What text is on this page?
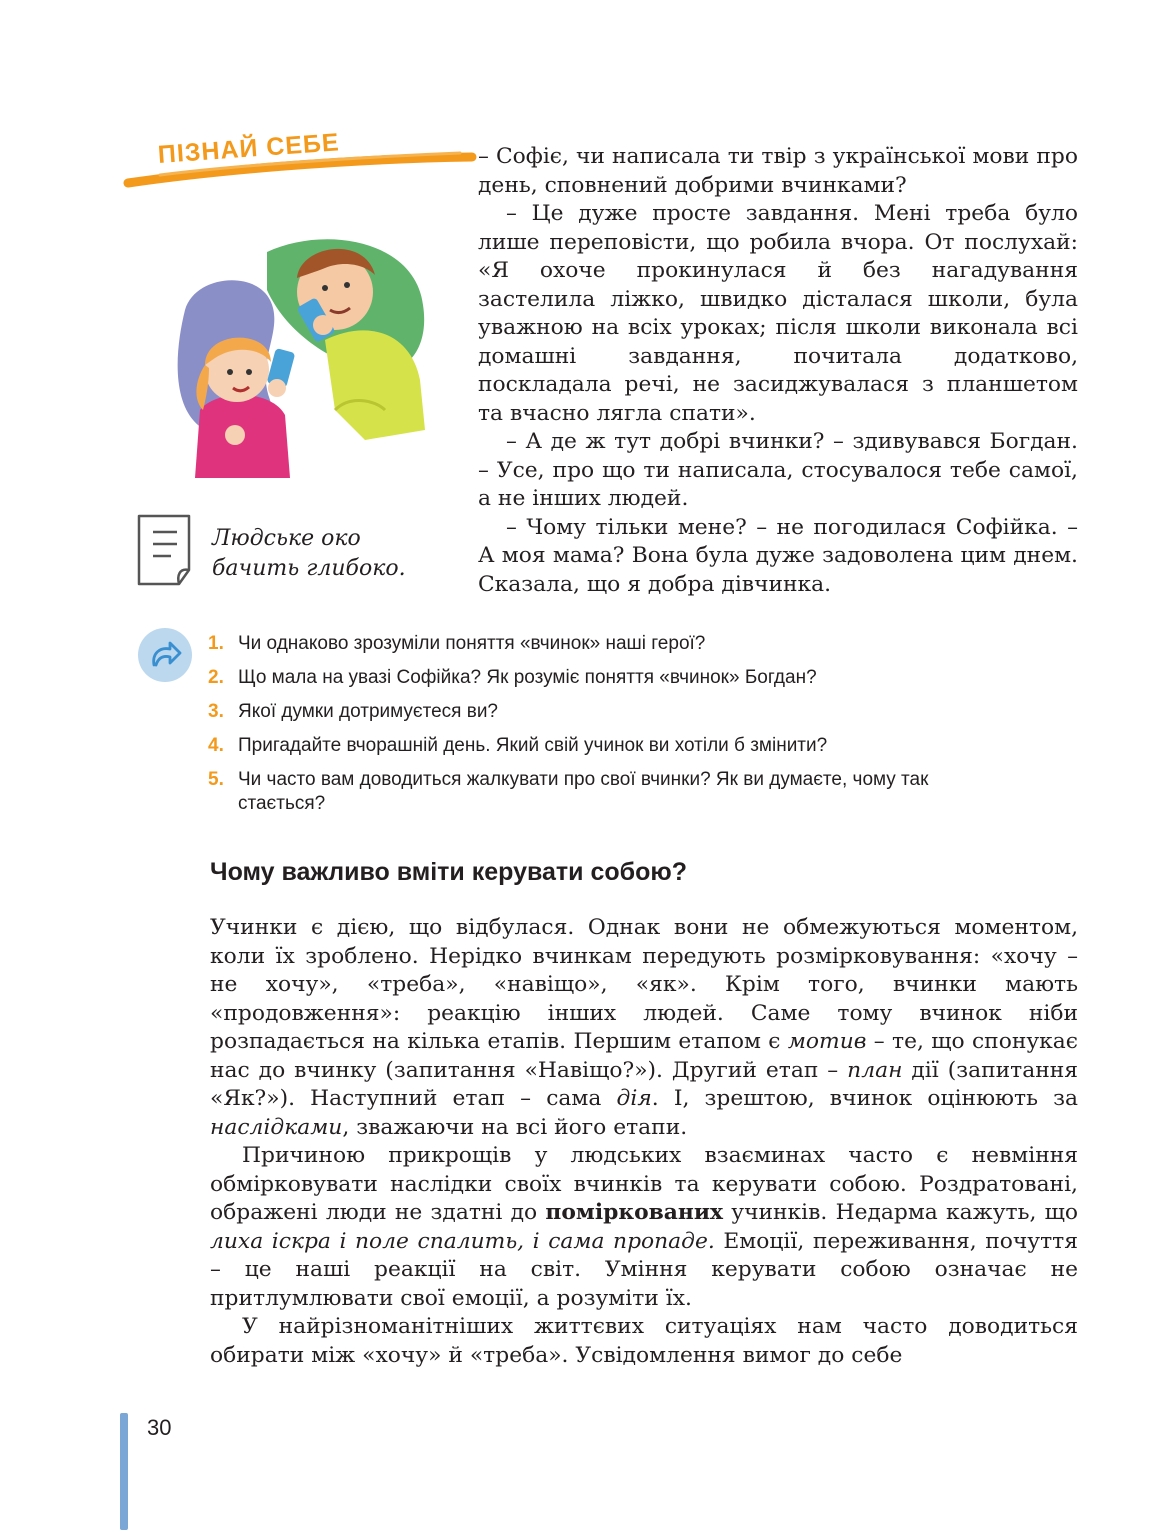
ПІЗНАЙ СЕБЕ	– Софіє, чи написала ти твір з української мови про день, сповнений добрими вчинками?

– Це дуже просте завдання. Мені треба було лише переповісти, що робила вчора. От послухай: «Я охоче прокинулася й без нагадування застелила ліжко, швидко дісталася школи, була уважною на всіх уроках; після школи виконала всі домашні завдання, почитала додатково, поскладала речі, не засиджувалася з планшетом та вчасно лягла спати».

– А де ж тут добрі вчинки? – здивувався Богдан. – Усе, про що ти написала, стосувалося тебе самої, а не інших людей.

– Чому тільки мене? – не погодилася Софійка. – А моя мама? Вона була дуже задоволена цим днем. Сказала, що я добра дівчинка.

Людське око
бачить глибоко.
1. Чи однаково зрозуміли поняття «вчинок» наші герої?
2. Що мала на увазі Софійка? Як розуміє поняття «вчинок» Богдан?
3. Якої думки дотримуєтеся ви?
4. Пригадайте вчорашній день. Який свій учинок ви хотіли б змінити?
5. Чи часто вам доводиться жалкувати про свої вчинки? Як ви думаєте, чому так стається?
Чому важливо вміти керувати собою?

Учинки є дією, що відбулася. Однак вони не обмежуються моментом, коли їх зроблено. Нерідко вчинкам передують розмірковування: «хочу – не хочу», «треба», «навіщо», «як». Крім того, вчинки мають «продовження»: реакцію інших людей. Саме тому вчинок ніби розпадається на кілька етапів. Першим етапом є мотив – те, що спонукає нас до вчинку (запитання «Навіщо?»). Другий етап – план дії (запитання «Як?»). Наступний етап – сама дія. І, зрештою, вчинок оцінюють за наслідками, зважаючи на всі його етапи.

Причиною прикрощів у людських взаєминах часто є невміння обмірковувати наслідки своїх вчинків та керувати собою. Роздратовані, ображені люди не здатні до поміркованих учинків. Недарма кажуть, що лиха іскра і поле спалить, і сама пропаде. Емоції, переживання, почуття – це наші реакції на світ. Уміння керувати собою означає не притлумлювати свої емоції, а розуміти їх.

У найрізноманітніших життєвих ситуаціях нам часто доводиться обирати між «хочу» й «треба». Усвідомлення вимог до себе

30
